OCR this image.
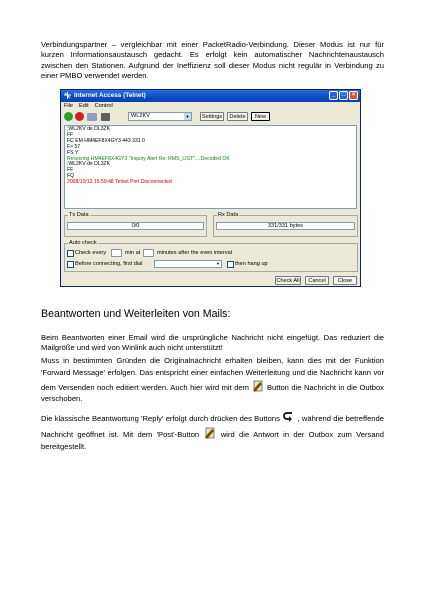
Verbindungspartner – vergleichbar mit einer PacketRadio-Verbindung. Dieser Modus ist nur für kurzen Informationsaustausch gedacht. Es erfolgt kein automatischer Nachrichtenaustausch zwischen den Stationen. Aufgrund der Ineffizienz soll dieser Modus nicht regulär in Verbindung zu einer PMBO verwendet werden.
Internet Access (Telnet)	_	□	×
File Edit Control
WL2KV	▼	Settings	Delete	New
;WL2KV de DL3ZK
FF
FC EM HM4EF8X4GY3 443 331 0
F> 57
FS Y
Receiving HM4EF8X4GY3 "Inquiry Alert Re: RMS_LIST"....Decoded OK
;WL2KV de DL3ZK
FF
FQ
2008/10/12 16:59:48 Telnet Port Disconnected
Tx Data
0/0
Rx Data
331/331 bytes
Auto check
Check every	min at	minutes after the even interval
Before connecting, first dial	▼	then hang up
Check All	Cancel	Close
Beantworten und Weiterleiten von Mails:
Beim Beantworten einer Email wird die ursprüngliche Nachricht nicht eingefügt. Das reduziert die Mailgröße und wird von Winlink auch nicht unterstützt!
Muss in bestimmten Gründen die Originalnachricht erhalten bleiben, kann dies mit der Funktion 'Forward Message' erfolgen. Das entspricht einer einfachen Weiterleitung und die Nachricht kann vor dem Versenden noch editiert werden. Auch hier wird mit dem Button die Nachricht in die Outbox verschoben.
Die klassische Beantwortung 'Reply' erfolgt durch drücken des Buttons , während die betreffende Nachricht geöffnet ist. Mit dem 'Post'-Button	wird die Antwort in der Outbox zum Versand bereitgestellt.
